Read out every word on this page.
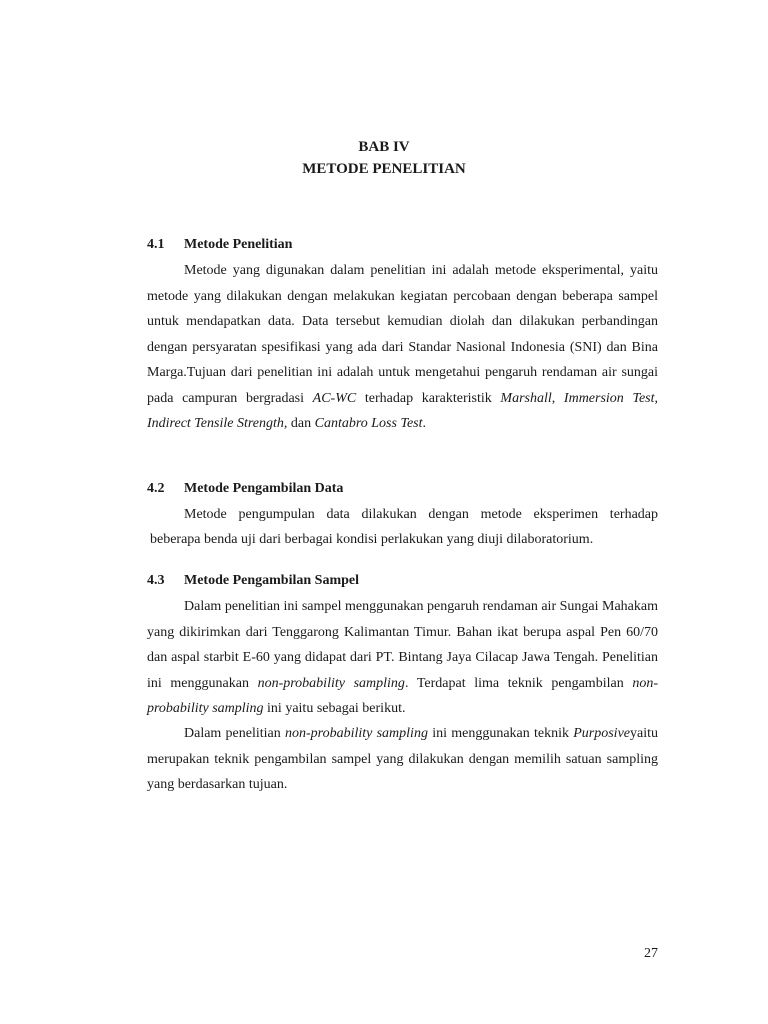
BAB IV
METODE PENELITIAN
4.1 Metode Penelitian
Metode yang digunakan dalam penelitian ini adalah metode eksperimental, yaitu metode yang dilakukan dengan melakukan kegiatan percobaan dengan beberapa sampel untuk mendapatkan data. Data tersebut kemudian diolah dan dilakukan perbandingan dengan persyaratan spesifikasi yang ada dari Standar Nasional Indonesia (SNI) dan Bina Marga.Tujuan dari penelitian ini adalah untuk mengetahui pengaruh rendaman air sungai pada campuran bergradasi AC-WC terhadap karakteristik Marshall, Immersion Test, Indirect Tensile Strength, dan Cantabro Loss Test.
4.2 Metode Pengambilan Data
Metode pengumpulan data dilakukan dengan metode eksperimen terhadap
beberapa benda uji dari berbagai kondisi perlakukan yang diuji dilaboratorium.
4.3 Metode Pengambilan Sampel
Dalam penelitian ini sampel menggunakan pengaruh rendaman air Sungai Mahakam yang dikirimkan dari Tenggarong Kalimantan Timur. Bahan ikat berupa aspal Pen 60/70 dan aspal starbit E-60 yang didapat dari PT. Bintang Jaya Cilacap Jawa Tengah. Penelitian ini menggunakan non-probability sampling. Terdapat lima teknik pengambilan non-probability sampling ini yaitu sebagai berikut.
Dalam penelitian non-probability sampling ini menggunakan teknik Purposiveyaitu merupakan teknik pengambilan sampel yang dilakukan dengan memilih satuan sampling yang berdasarkan tujuan.
27
